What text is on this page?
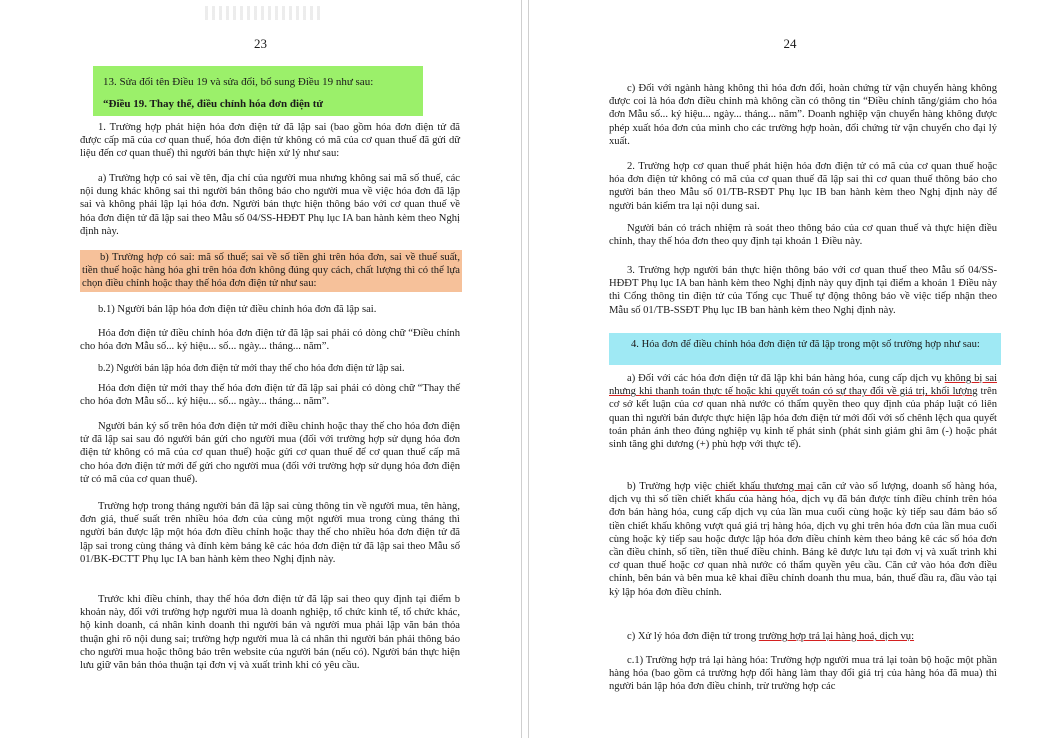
23
13. Sửa đổi tên Điều 19 và sửa đổi, bổ sung Điều 19 như sau:
“Điều 19. Thay thế, điều chỉnh hóa đơn điện tử

1. Trường hợp phát hiện hóa đơn điện tử đã lập sai (bao gồm hóa đơn điện tử đã được cấp mã của cơ quan thuế, hóa đơn điện tử không có mã của cơ quan thuế đã gửi dữ liệu đến cơ quan thuế) thì người bán thực hiện xử lý như sau:

a) Trường hợp có sai về tên, địa chỉ của người mua nhưng không sai mã số thuế, các nội dung khác không sai thì người bán thông báo cho người mua về việc hóa đơn đã lập sai và không phải lập lại hóa đơn. Người bán thực hiện thông báo với cơ quan thuế về hóa đơn điện tử đã lập sai theo Mẫu số 04/SS-HĐĐT Phụ lục IA ban hành kèm theo Nghị định này.

b) Trường hợp có sai: mã số thuế; sai về số tiền ghi trên hóa đơn, sai về thuế suất, tiền thuế hoặc hàng hóa ghi trên hóa đơn không đúng quy cách, chất lượng thì có thể lựa chọn điều chỉnh hoặc thay thế hóa đơn điện tử như sau:

b.1) Người bán lập hóa đơn điện tử điều chỉnh hóa đơn đã lập sai.

Hóa đơn điện tử điều chỉnh hóa đơn điện tử đã lập sai phải có dòng chữ “Điều chỉnh cho hóa đơn Mẫu số... ký hiệu... số... ngày... tháng... năm”.

b.2) Người bán lập hóa đơn điện tử mới thay thế cho hóa đơn điện tử lập sai.

Hóa đơn điện tử mới thay thế hóa đơn điện tử đã lập sai phải có dòng chữ “Thay thế cho hóa đơn Mẫu số... ký hiệu... số... ngày... tháng... năm”.

Người bán ký số trên hóa đơn điện tử mới điều chỉnh hoặc thay thế cho hóa đơn điện tử đã lập sai sau đó người bán gửi cho người mua (đối với trường hợp sử dụng hóa đơn điện tử không có mã của cơ quan thuế) hoặc gửi cơ quan thuế để cơ quan thuế cấp mã cho hóa đơn điện tử mới để gửi cho người mua (đối với trường hợp sử dụng hóa đơn điện tử có mã của cơ quan thuế).

Trường hợp trong tháng người bán đã lập sai cùng thông tin về người mua, tên hàng, đơn giá, thuế suất trên nhiều hóa đơn của cùng một người mua trong cùng tháng thì người bán được lập một hóa đơn điều chỉnh hoặc thay thế cho nhiều hóa đơn điện tử đã lập sai trong cùng tháng và đính kèm bảng kê các hóa đơn điện tử đã lập sai theo Mẫu số 01/BK-ĐCTT Phụ lục IA ban hành kèm theo Nghị định này.

Trước khi điều chỉnh, thay thế hóa đơn điện tử đã lập sai theo quy định tại điểm b khoản này, đối với trường hợp người mua là doanh nghiệp, tổ chức kinh tế, tổ chức khác, hộ kinh doanh, cá nhân kinh doanh thì người bán và người mua phải lập văn bản thỏa thuận ghi rõ nội dung sai; trường hợp người mua là cá nhân thì người bán phải thông báo cho người mua hoặc thông báo trên website của người bán (nếu có). Người bán thực hiện lưu giữ văn bản thỏa thuận tại đơn vị và xuất trình khi có yêu cầu.

24

c) Đối với ngành hàng không thì hóa đơn đổi, hoàn chứng từ vận chuyển hàng không được coi là hóa đơn điều chỉnh mà không cần có thông tin “Điều chỉnh tăng/giảm cho hóa đơn Mẫu số... ký hiệu... ngày... tháng... năm”. Doanh nghiệp vận chuyển hàng không được phép xuất hóa đơn của mình cho các trường hợp hoàn, đổi chứng từ vận chuyển cho đại lý xuất.

2. Trường hợp cơ quan thuế phát hiện hóa đơn điện tử có mã của cơ quan thuế hoặc hóa đơn điện tử không có mã của cơ quan thuế đã lập sai thì cơ quan thuế thông báo cho người bán theo Mẫu số 01/TB-RSĐT Phụ lục IB ban hành kèm theo Nghị định này để người bán kiểm tra lại nội dung sai.

Người bán có trách nhiệm rà soát theo thông báo của cơ quan thuế và thực hiện điều chỉnh, thay thế hóa đơn theo quy định tại khoản 1 Điều này.

3. Trường hợp người bán thực hiện thông báo với cơ quan thuế theo Mẫu số 04/SS-HĐĐT Phụ lục IA ban hành kèm theo Nghị định này quy định tại điểm a khoản 1 Điều này thì Cổng thông tin điện tử của Tổng cục Thuế tự động thông báo về việc tiếp nhận theo Mẫu số 01/TB-SSĐT Phụ lục IB ban hành kèm theo Nghị định này.

4. Hóa đơn để điều chỉnh hóa đơn điện tử đã lập trong một số trường hợp như sau:

a) Đối với các hóa đơn điện tử đã lập khi bán hàng hóa, cung cấp dịch vụ không bị sai nhưng khi thanh toán thực tế hoặc khi quyết toán có sự thay đổi về giá trị, khối lượng trên cơ sở kết luận của cơ quan nhà nước có thẩm quyền theo quy định của pháp luật có liên quan thì người bán được thực hiện lập hóa đơn điện tử mới đối với số chênh lệch qua quyết toán phản ánh theo đúng nghiệp vụ kinh tế phát sinh (phát sinh giảm ghi âm (-) hoặc phát sinh tăng ghi dương (+) phù hợp với thực tế).

b) Trường hợp việc chiết khấu thương mại căn cứ vào số lượng, doanh số hàng hóa, dịch vụ thì số tiền chiết khấu của hàng hóa, dịch vụ đã bán được tính điều chỉnh trên hóa đơn bán hàng hóa, cung cấp dịch vụ của lần mua cuối cùng hoặc kỳ tiếp sau đảm bảo số tiền chiết khấu không vượt quá giá trị hàng hóa, dịch vụ ghi trên hóa đơn của lần mua cuối cùng hoặc kỳ tiếp sau hoặc được lập hóa đơn điều chỉnh kèm theo bảng kê các số hóa đơn cần điều chỉnh, số tiền, tiền thuế điều chỉnh. Bảng kê được lưu tại đơn vị và xuất trình khi cơ quan thuế hoặc cơ quan nhà nước có thẩm quyền yêu cầu. Căn cứ vào hóa đơn điều chỉnh, bên bán và bên mua kê khai điều chỉnh doanh thu mua, bán, thuế đầu ra, đầu vào tại kỳ lập hóa đơn điều chỉnh.

c) Xử lý hóa đơn điện tử trong trường hợp trả lại hàng hoá, dịch vụ:

c.1) Trường hợp trả lại hàng hóa: Trường hợp người mua trả lại toàn bộ hoặc một phần hàng hóa (bao gồm cả trường hợp đổi hàng làm thay đổi giá trị của hàng hóa đã mua) thì người bán lập hóa đơn điều chỉnh, trừ trường hợp các
